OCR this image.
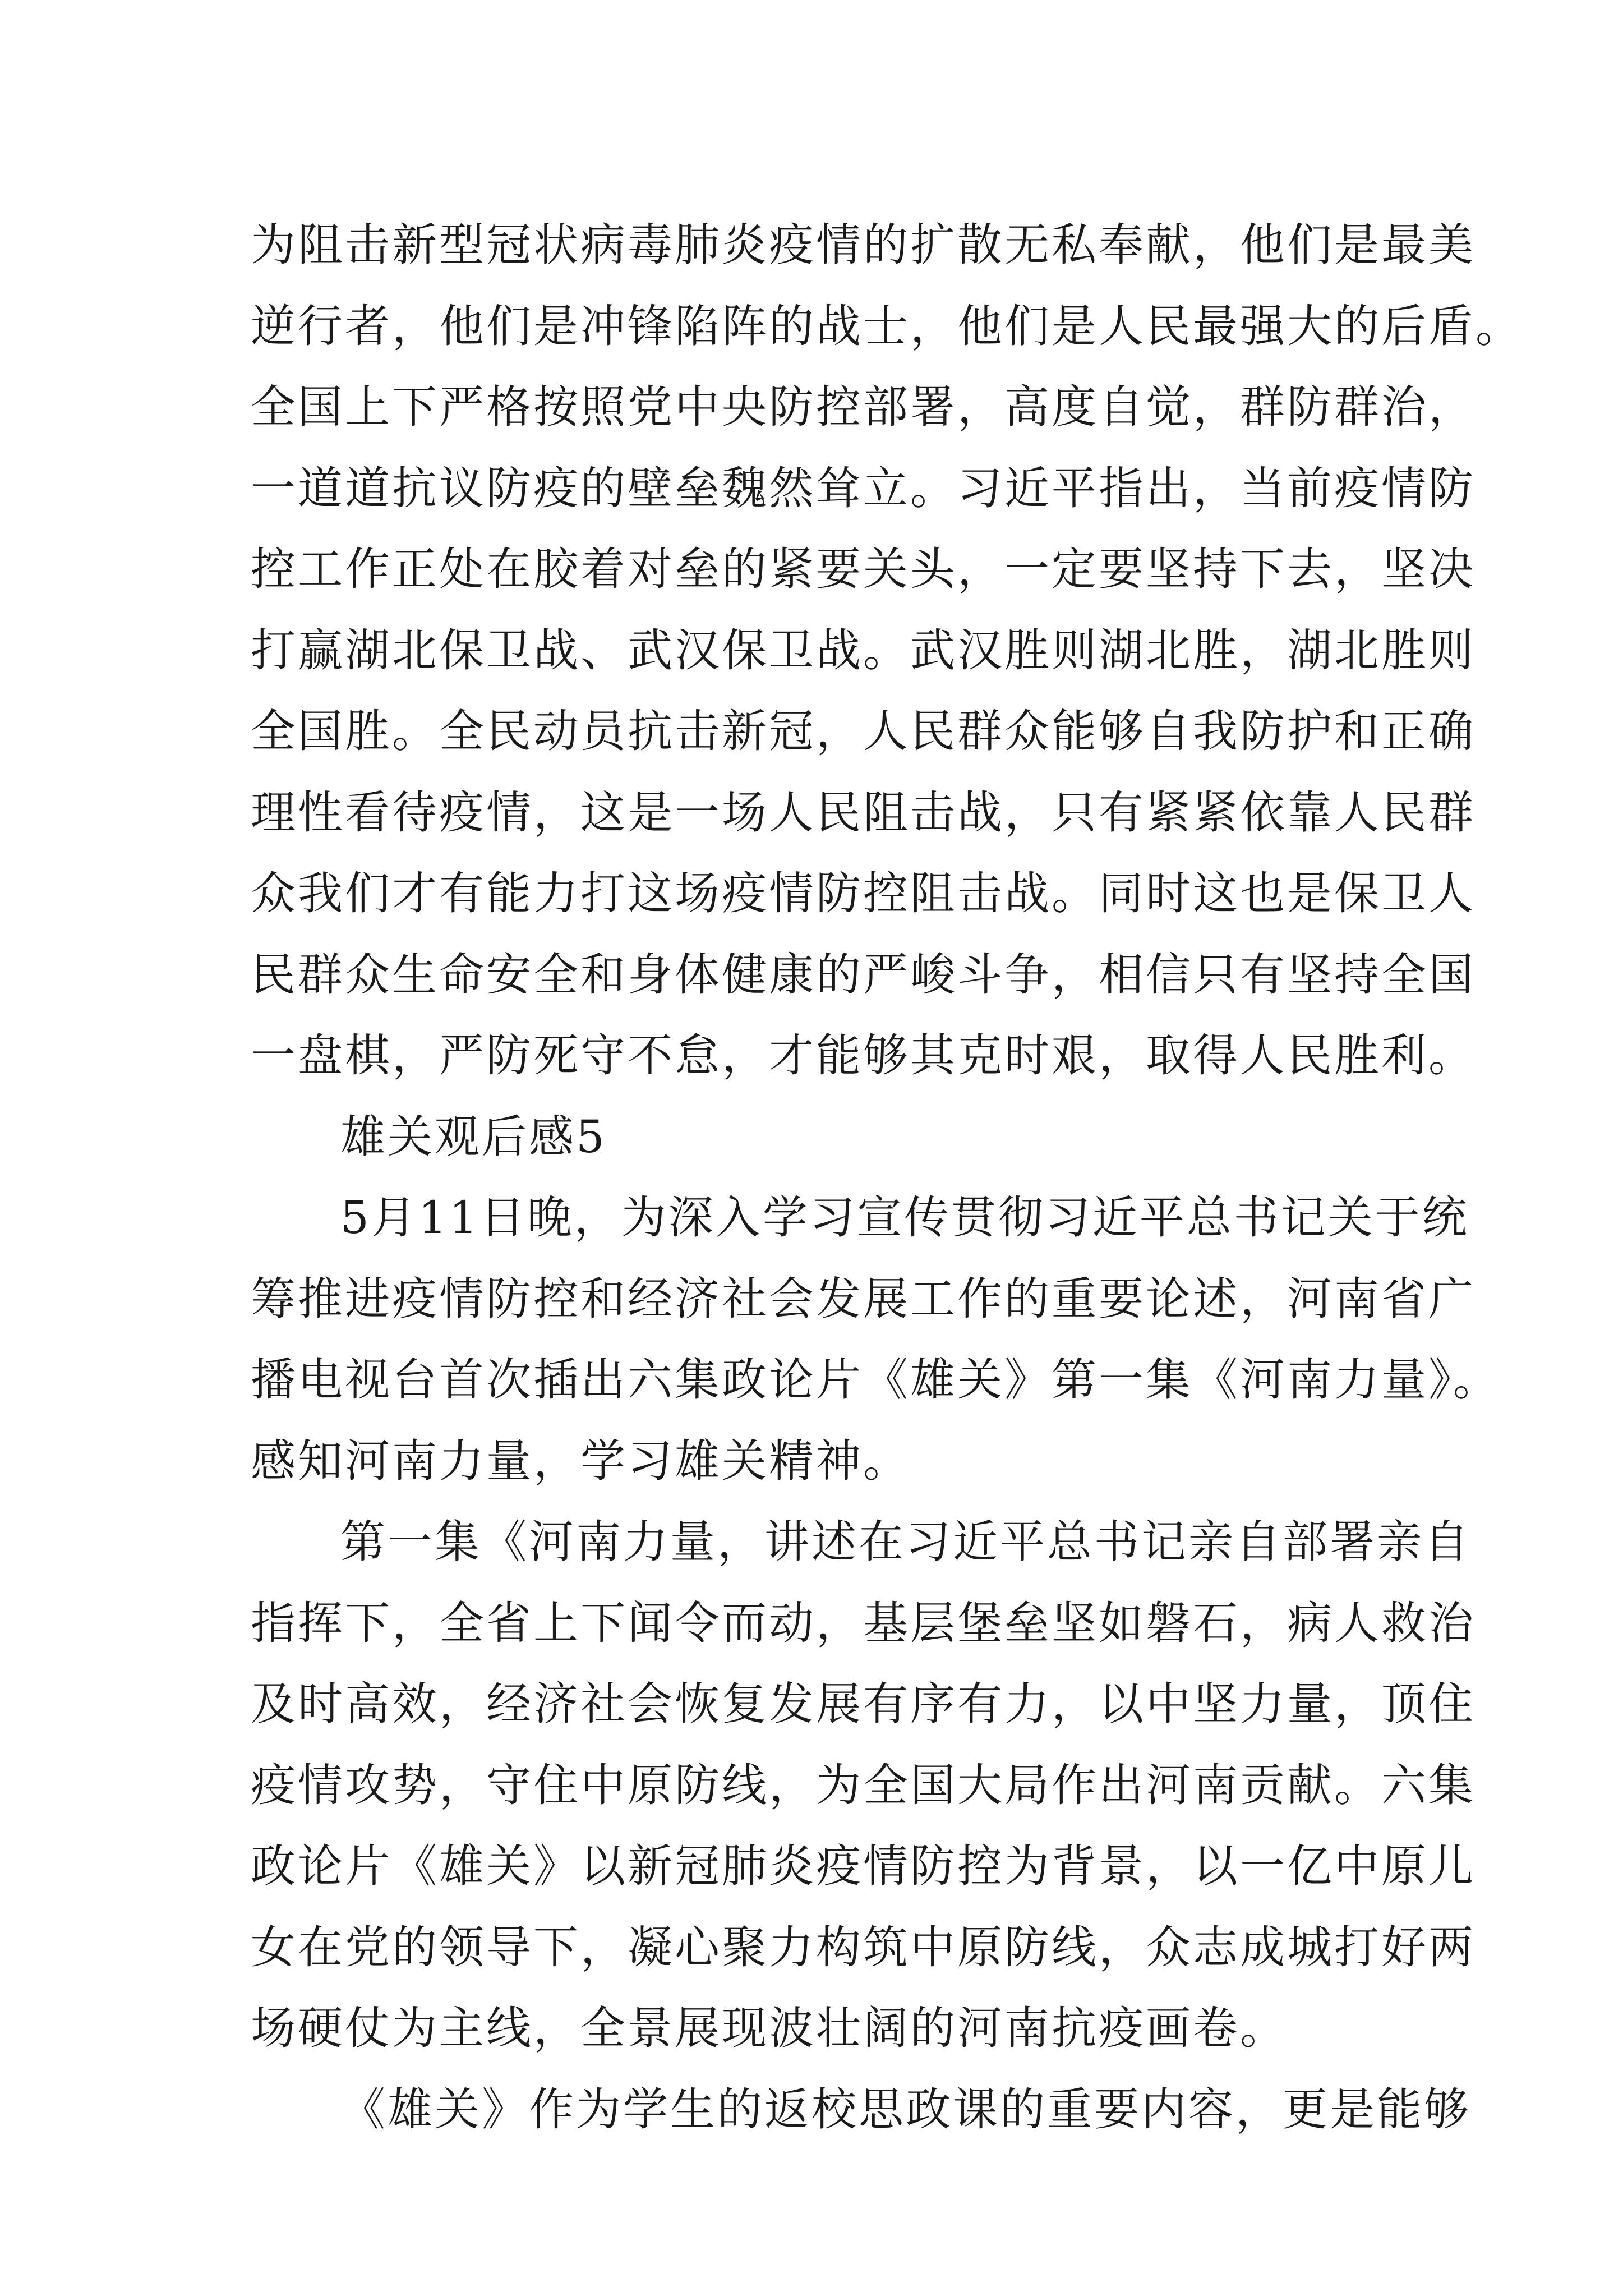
为阻击新型冠状病毒肺炎疫情的扩散无私奉献，他们是最美
逆行者，他们是冲锋陷阵的战士，他们是人民最强大的后盾。
全国上下严格按照党中央防控部署，高度自觉，群防群治，
一道道抗议防疫的壁垒魏然耸立。习近平指出，当前疫情防
控工作正处在胶着对垒的紧要关头，一定要坚持下去，坚决
打赢湖北保卫战、武汉保卫战。武汉胜则湖北胜，湖北胜则
全国胜。全民动员抗击新冠，人民群众能够自我防护和正确
理性看待疫情，这是一场人民阻击战，只有紧紧依靠人民群
众我们才有能力打这场疫情防控阻击战。同时这也是保卫人
民群众生命安全和身体健康的严峻斗争，相信只有坚持全国
一盘棋，严防死守不怠，才能够其克时艰，取得人民胜利。
雄关观后感5
5月11日晚，为深入学习宣传贯彻习近平总书记关于统
筹推进疫情防控和经济社会发展工作的重要论述，河南省广
播电视台首次插出六集政论片《雄关》第一集《河南力量》。
感知河南力量，学习雄关精神。
第一集《河南力量，讲述在习近平总书记亲自部署亲自
指挥下，全省上下闻令而动，基层堡垒坚如磐石，病人救治
及时高效，经济社会恢复发展有序有力，以中坚力量，顶住
疫情攻势，守住中原防线，为全国大局作出河南贡献。六集
政论片《雄关》以新冠肺炎疫情防控为背景，以一亿中原儿
女在党的领导下，凝心聚力构筑中原防线，众志成城打好两
场硬仗为主线，全景展现波壮阔的河南抗疫画卷。
《雄关》作为学生的返校思政课的重要内容，更是能够
